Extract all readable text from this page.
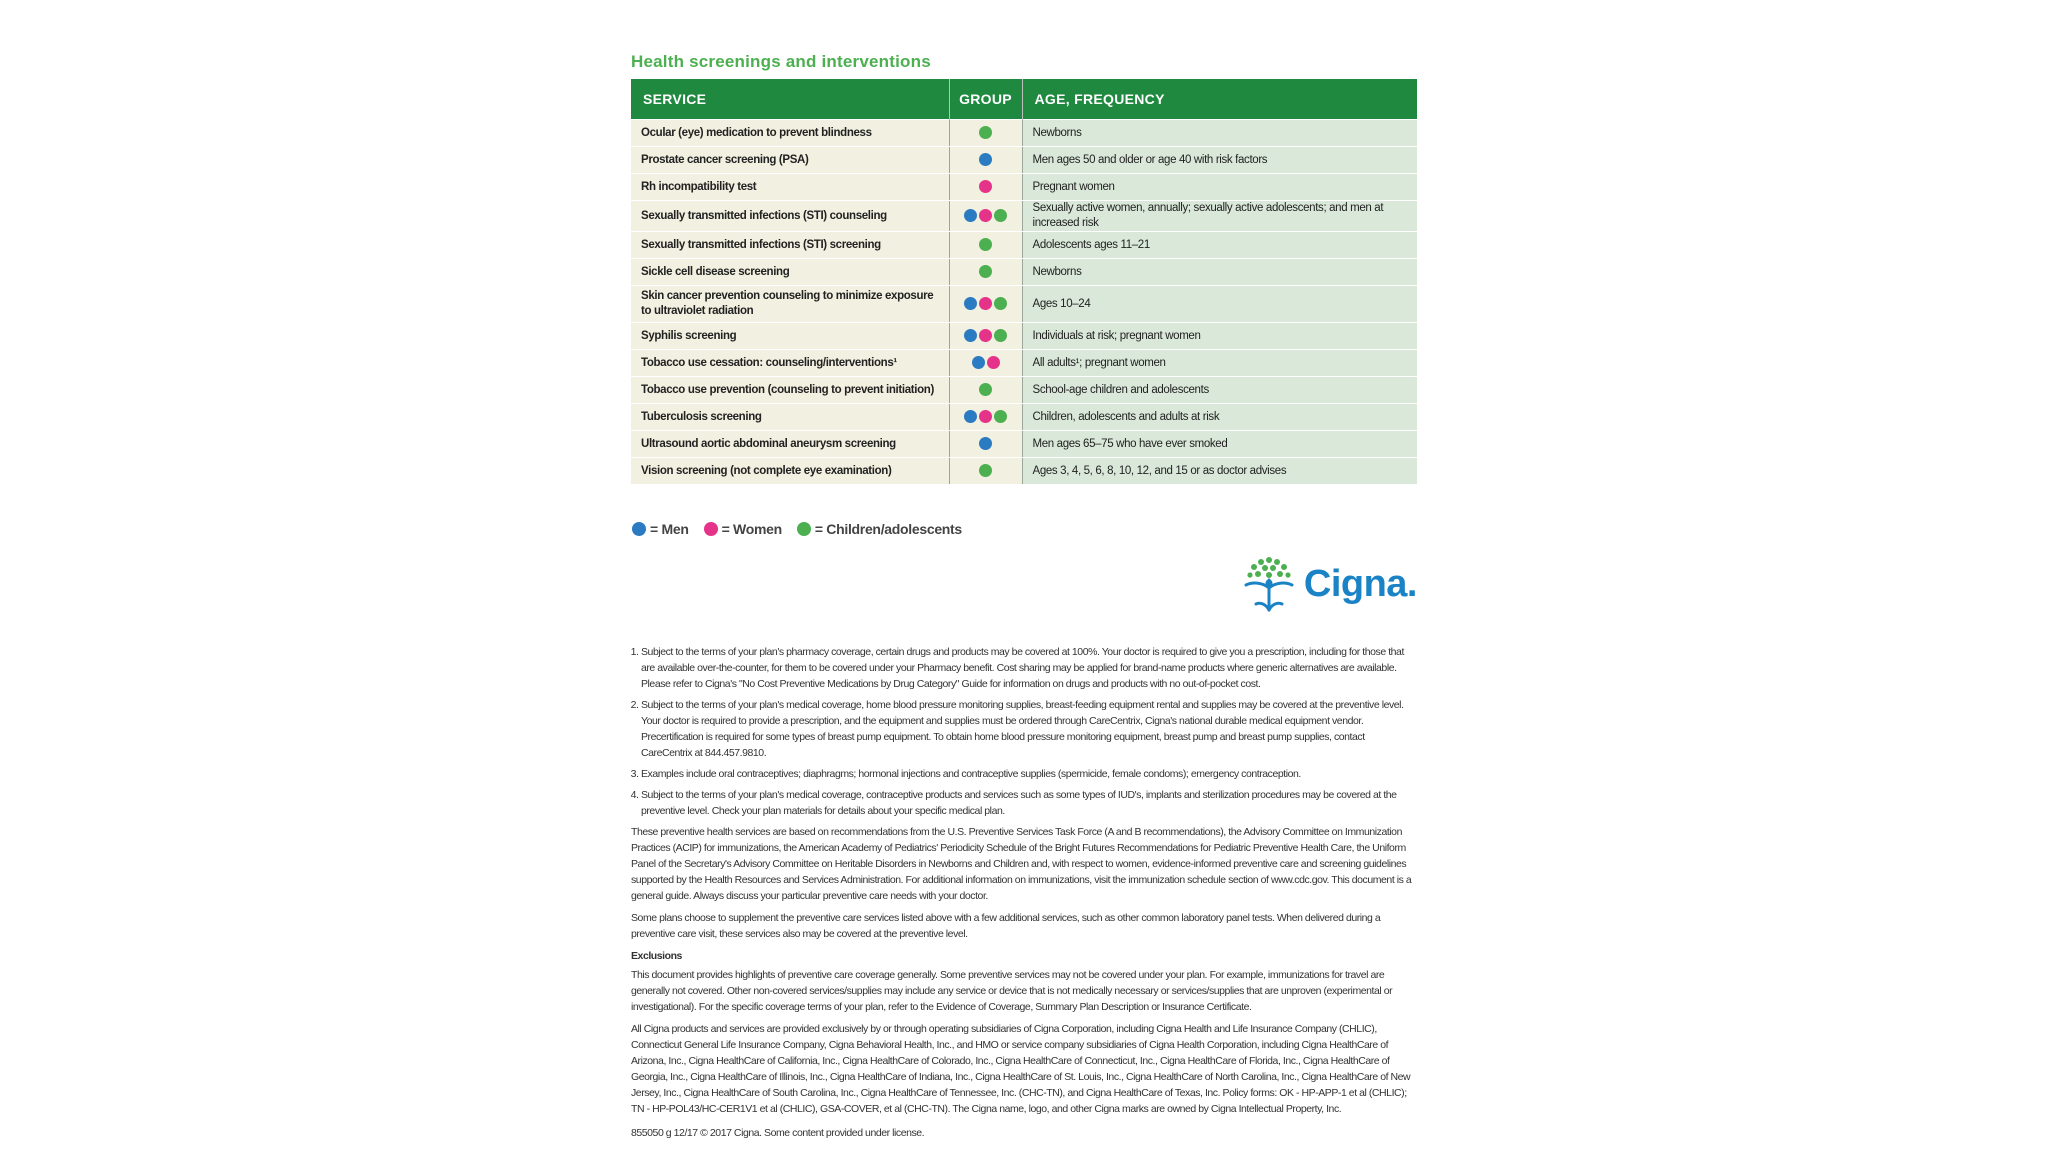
Health screenings and interventions
SERVICE	GROUP	AGE, FREQUENCY
Ocular (eye) medication to prevent blindness		Newborns
Prostate cancer screening (PSA)		Men ages 50 and older or age 40 with risk factors
Rh incompatibility test		Pregnant women
Sexually transmitted infections (STI) counseling		Sexually active women, annually; sexually active adolescents; and men at increased risk
Sexually transmitted infections (STI) screening		Adolescents ages 11–21
Sickle cell disease screening		Newborns
Skin cancer prevention counseling to minimize exposure to ultraviolet radiation		Ages 10–24
Syphilis screening		Individuals at risk; pregnant women
Tobacco use cessation: counseling/interventions¹		All adults¹; pregnant women
Tobacco use prevention (counseling to prevent initiation)		School-age children and adolescents
Tuberculosis screening		Children, adolescents and adults at risk
Ultrasound aortic abdominal aneurysm screening		Men ages 65–75 who have ever smoked
Vision screening (not complete eye examination)		Ages 3, 4, 5, 6, 8, 10, 12, and 15 or as doctor advises
= Men = Women = Children/adolescents
Cigna.
1. Subject to the terms of your plan's pharmacy coverage, certain drugs and products may be covered at 100%. Your doctor is required to give you a prescription, including for those that are available over-the-counter, for them to be covered under your Pharmacy benefit. Cost sharing may be applied for brand-name products where generic alternatives are available. Please refer to Cigna's "No Cost Preventive Medications by Drug Category" Guide for information on drugs and products with no out-of-pocket cost.
2. Subject to the terms of your plan's medical coverage, home blood pressure monitoring supplies, breast-feeding equipment rental and supplies may be covered at the preventive level. Your doctor is required to provide a prescription, and the equipment and supplies must be ordered through CareCentrix, Cigna's national durable medical equipment vendor. Precertification is required for some types of breast pump equipment. To obtain home blood pressure monitoring equipment, breast pump and breast pump supplies, contact CareCentrix at 844.457.9810.
3. Examples include oral contraceptives; diaphragms; hormonal injections and contraceptive supplies (spermicide, female condoms); emergency contraception.
4. Subject to the terms of your plan's medical coverage, contraceptive products and services such as some types of IUD's, implants and sterilization procedures may be covered at the preventive level. Check your plan materials for details about your specific medical plan.

These preventive health services are based on recommendations from the U.S. Preventive Services Task Force (A and B recommendations), the Advisory Committee on Immunization Practices (ACIP) for immunizations, the American Academy of Pediatrics' Periodicity Schedule of the Bright Futures Recommendations for Pediatric Preventive Health Care, the Uniform Panel of the Secretary's Advisory Committee on Heritable Disorders in Newborns and Children and, with respect to women, evidence-informed preventive care and screening guidelines supported by the Health Resources and Services Administration. For additional information on immunizations, visit the immunization schedule section of www.cdc.gov. This document is a general guide. Always discuss your particular preventive care needs with your doctor.

Some plans choose to supplement the preventive care services listed above with a few additional services, such as other common laboratory panel tests. When delivered during a preventive care visit, these services also may be covered at the preventive level.

Exclusions

This document provides highlights of preventive care coverage generally. Some preventive services may not be covered under your plan. For example, immunizations for travel are generally not covered. Other non-covered services/supplies may include any service or device that is not medically necessary or services/supplies that are unproven (experimental or investigational). For the specific coverage terms of your plan, refer to the Evidence of Coverage, Summary Plan Description or Insurance Certificate.

All Cigna products and services are provided exclusively by or through operating subsidiaries of Cigna Corporation, including Cigna Health and Life Insurance Company (CHLIC), Connecticut General Life Insurance Company, Cigna Behavioral Health, Inc., and HMO or service company subsidiaries of Cigna Health Corporation, including Cigna HealthCare of Arizona, Inc., Cigna HealthCare of California, Inc., Cigna HealthCare of Colorado, Inc., Cigna HealthCare of Connecticut, Inc., Cigna HealthCare of Florida, Inc., Cigna HealthCare of Georgia, Inc., Cigna HealthCare of Illinois, Inc., Cigna HealthCare of Indiana, Inc., Cigna HealthCare of St. Louis, Inc., Cigna HealthCare of North Carolina, Inc., Cigna HealthCare of New Jersey, Inc., Cigna HealthCare of South Carolina, Inc., Cigna HealthCare of Tennessee, Inc. (CHC-TN), and Cigna HealthCare of Texas, Inc. Policy forms: OK - HP-APP-1 et al (CHLIC); TN - HP-POL43/HC-CER1V1 et al (CHLIC), GSA-COVER, et al (CHC-TN). The Cigna name, logo, and other Cigna marks are owned by Cigna Intellectual Property, Inc.

855050 g 12/17 © 2017 Cigna. Some content provided under license.
